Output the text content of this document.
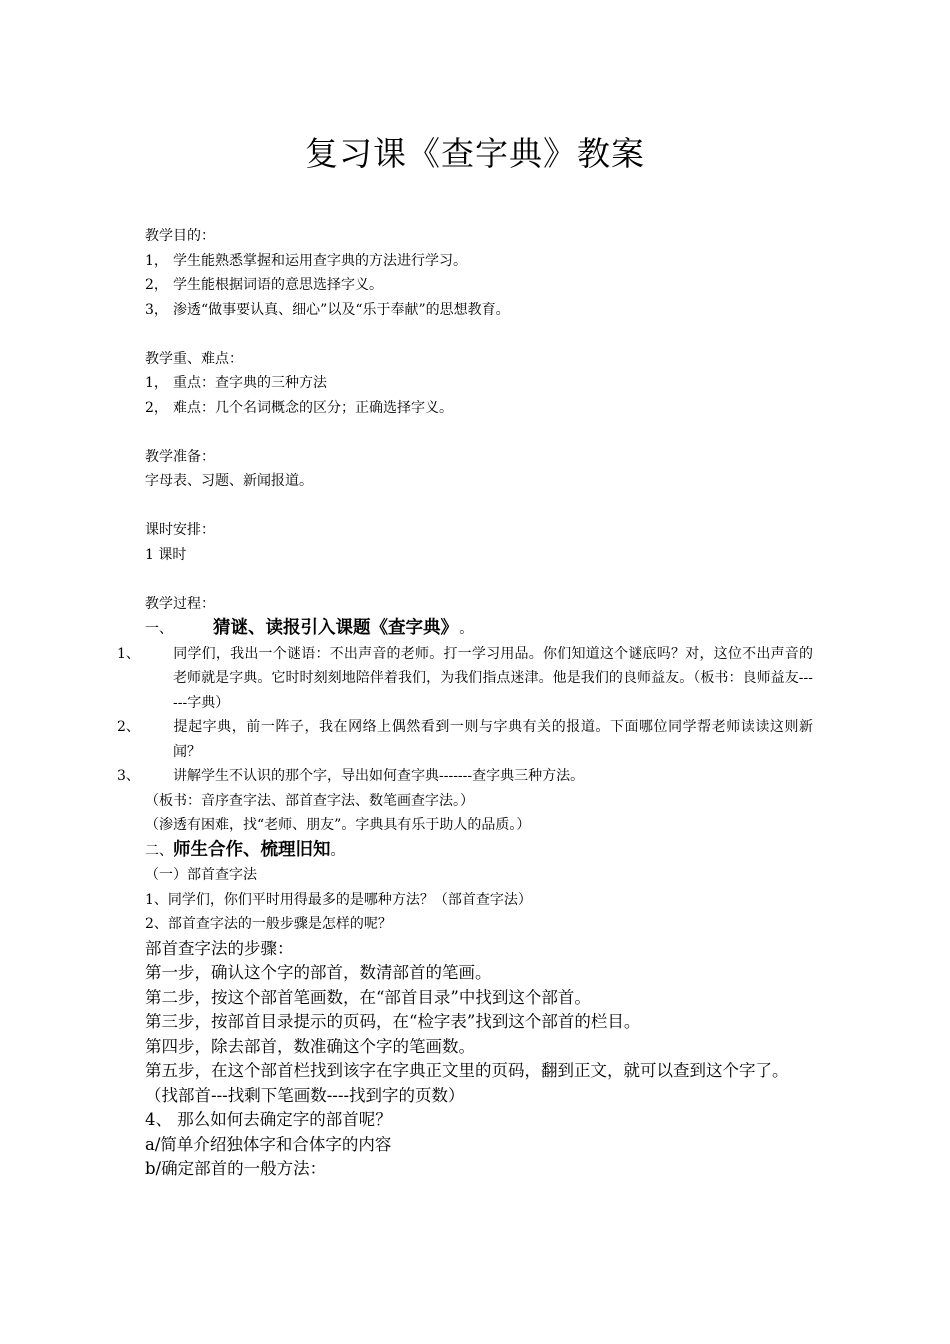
复习课《查字典》教案
教学目的：
1， 学生能熟悉掌握和运用查字典的方法进行学习。
2， 学生能根据词语的意思选择字义。
3， 渗透“做事要认真、细心”以及“乐于奉献”的思想教育。
教学重、难点：
1， 重点：查字典的三种方法
2， 难点：几个名词概念的区分；正确选择字义。
教学准备：
字母表、习题、新闻报道。
课时安排：
1 课时
教学过程：
一、 猜谜、读报引入课题《查字典》 。
1、 同学们，我出一个谜语：不出声音的老师。打一学习用品。你们知道这个谜底吗？对，这位不出声音的老师就是字典。它时时刻刻地陪伴着我们，为我们指点迷津。他是我们的良师益友。（板书：良师益友------字典）
2、 提起字典，前一阵子，我在网络上偶然看到一则与字典有关的报道。下面哪位同学帮老师读读这则新闻？
3、 讲解学生不认识的那个字，导出如何查字典-------查字典三种方法。
（板书：音序查字法、部首查字法、数笔画查字法。）
（渗透有困难，找“老师、朋友”。字典具有乐于助人的品质。）
二、师生合作、梳理旧知。
（一）部首查字法
1、同学们，你们平时用得最多的是哪种方法？（部首查字法）
2、部首查字法的一般步骤是怎样的呢？
部首查字法的步骤：
第一步，确认这个字的部首，数清部首的笔画。
第二步，按这个部首笔画数，在“部首目录”中找到这个部首。
第三步，按部首目录提示的页码，在“检字表”找到这个部首的栏目。
第四步，除去部首，数准确这个字的笔画数。
第五步，在这个部首栏找到该字在字典正文里的页码，翻到正文，就可以查到这个字了。
（找部首---找剩下笔画数----找到字的页数）
4、 那么如何去确定字的部首呢？
a/简单介绍独体字和合体字的内容
b/确定部首的一般方法：
